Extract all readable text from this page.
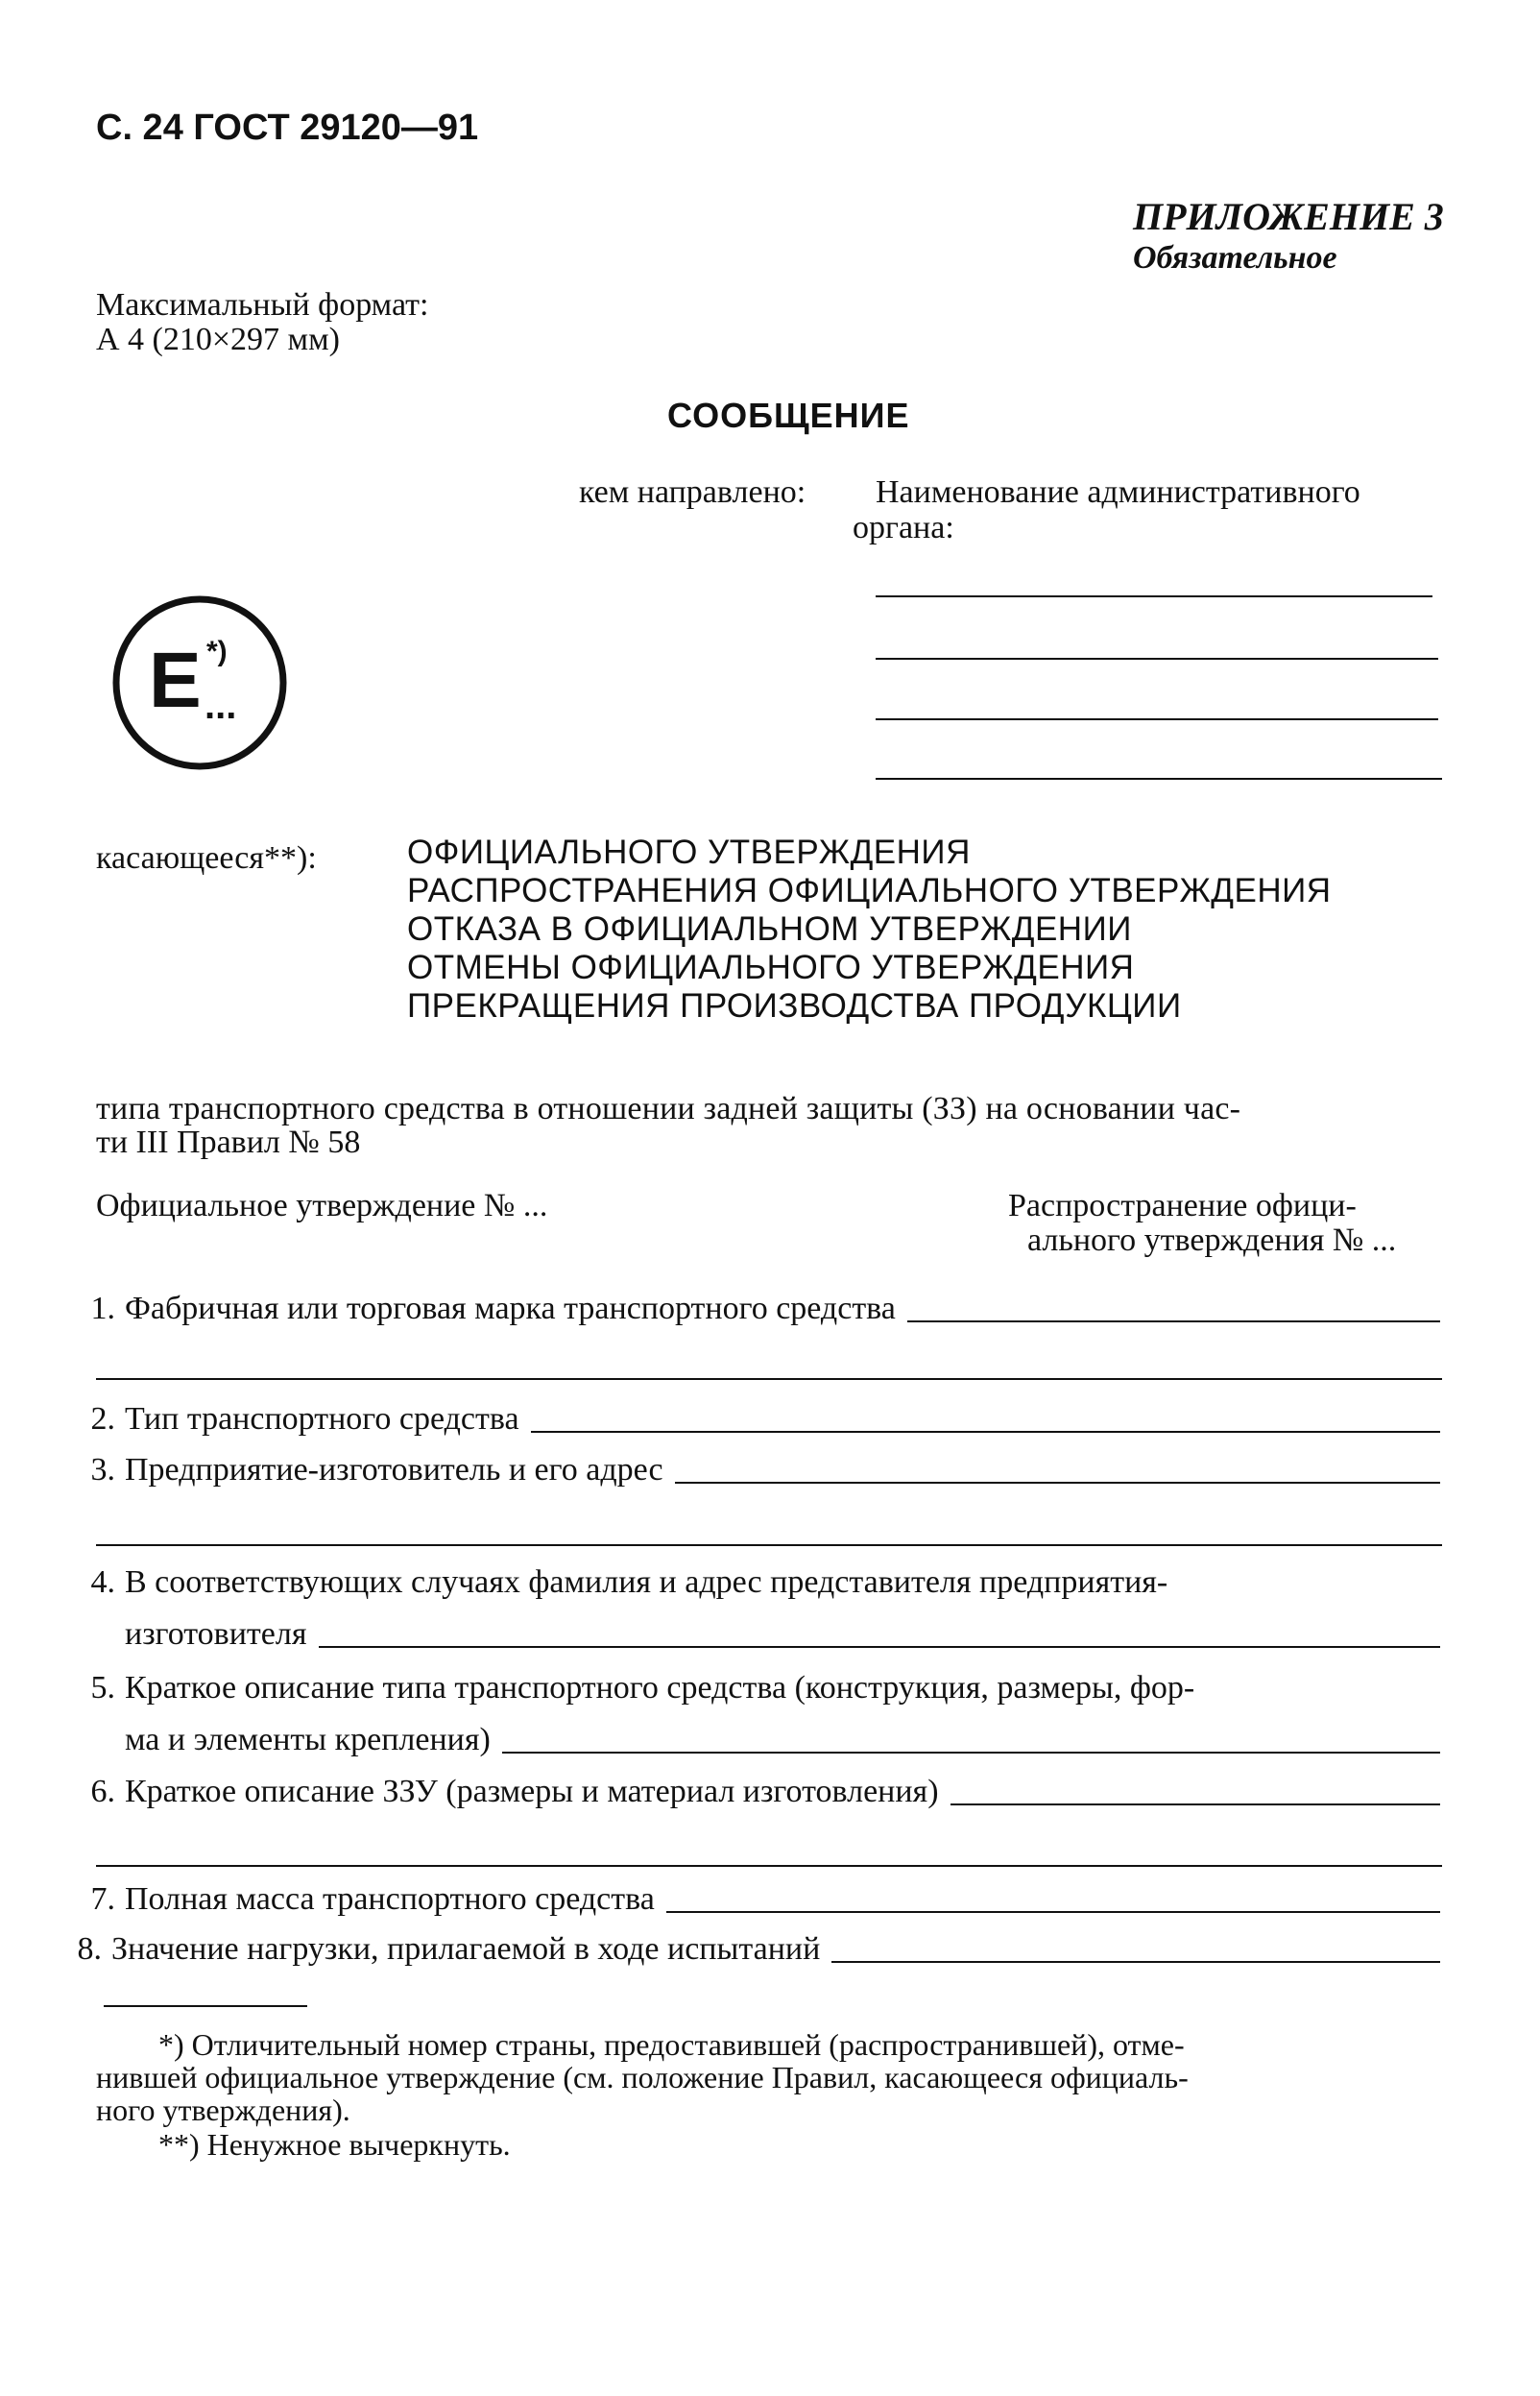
С. 24 ГОСТ 29120—91
ПРИЛОЖЕНИЕ 3
Обязательное
Максимальный формат:
А 4 (210×297 мм)
СООБЩЕНИЕ
кем направлено: Наименование административного
органа:
E ...
*)
касающееся**):	ОФИЦИАЛЬНОГО УТВЕРЖДЕНИЯ
РАСПРОСТРАНЕНИЯ ОФИЦИАЛЬНОГО УТВЕРЖДЕНИЯ
ОТКАЗА В ОФИЦИАЛЬНОМ УТВЕРЖДЕНИИ
ОТМЕНЫ ОФИЦИАЛЬНОГО УТВЕРЖДЕНИЯ
ПРЕКРАЩЕНИЯ ПРОИЗВОДСТВА ПРОДУКЦИИ
типа транспортного средства в отношении задней защиты (ЗЗ) на основании час-
ти III Правил № 58
Официальное утверждение № ...	Распространение офици-
ального утверждения № ...
1. Фабричная или торговая марка транспортного средства
2. Тип транспортного средства
3. Предприятие-изготовитель и его адрес
4. В соответствующих случаях фамилия и адрес представителя предприятия-
изготовителя
5. Краткое описание типа транспортного средства (конструкция, размеры, фор-
ма и элементы крепления)
6. Краткое описание ЗЗУ (размеры и материал изготовления)
7. Полная масса транспортного средства
8. Значение нагрузки, прилагаемой в ходе испытаний
*) Отличительный номер страны, предоставившей (распространившей), отме-
нившей официальное утверждение (см. положение Правил, касающееся официаль-
ного утверждения).
**) Ненужное вычеркнуть.
